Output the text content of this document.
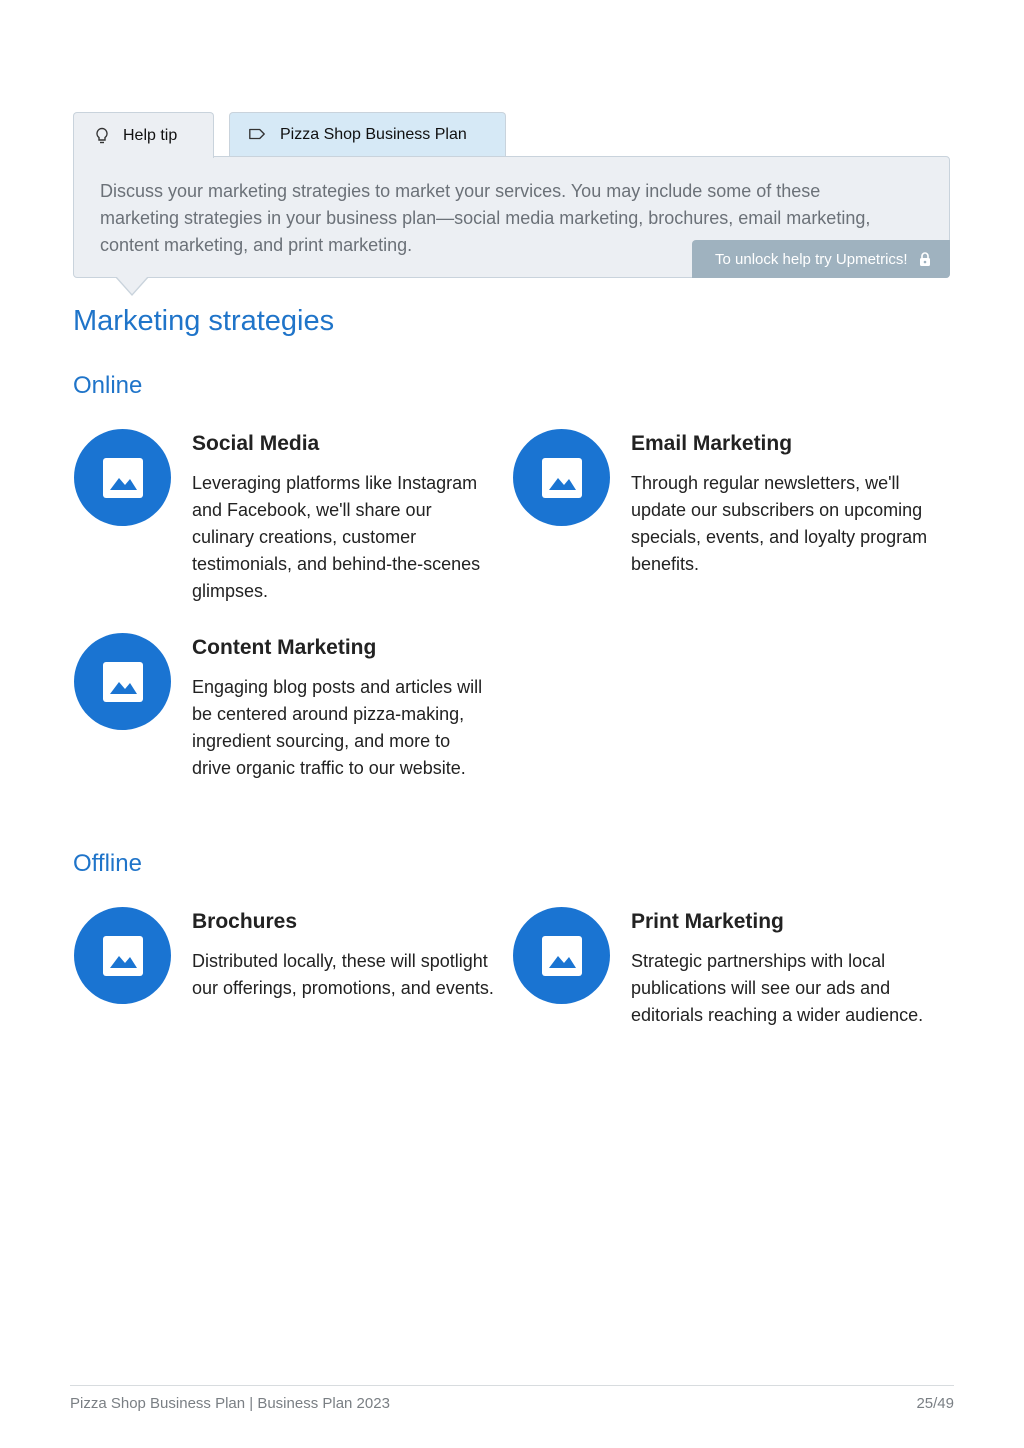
Help tip	Pizza Shop Business Plan
Discuss your marketing strategies to market your services. You may include some of these marketing strategies in your business plan—social media marketing, brochures, email marketing, content marketing, and print marketing.
To unlock help try Upmetrics!
Marketing strategies
Online
Social Media
Leveraging platforms like Instagram and Facebook, we'll share our culinary creations, customer testimonials, and behind-the-scenes glimpses.
Email Marketing
Through regular newsletters, we'll update our subscribers on upcoming specials, events, and loyalty program benefits.
Content Marketing
Engaging blog posts and articles will be centered around pizza-making, ingredient sourcing, and more to drive organic traffic to our website.
Offline
Brochures
Distributed locally, these will spotlight our offerings, promotions, and events.
Print Marketing
Strategic partnerships with local publications will see our ads and editorials reaching a wider audience.
Pizza Shop Business Plan | Business Plan 2023	25/49
